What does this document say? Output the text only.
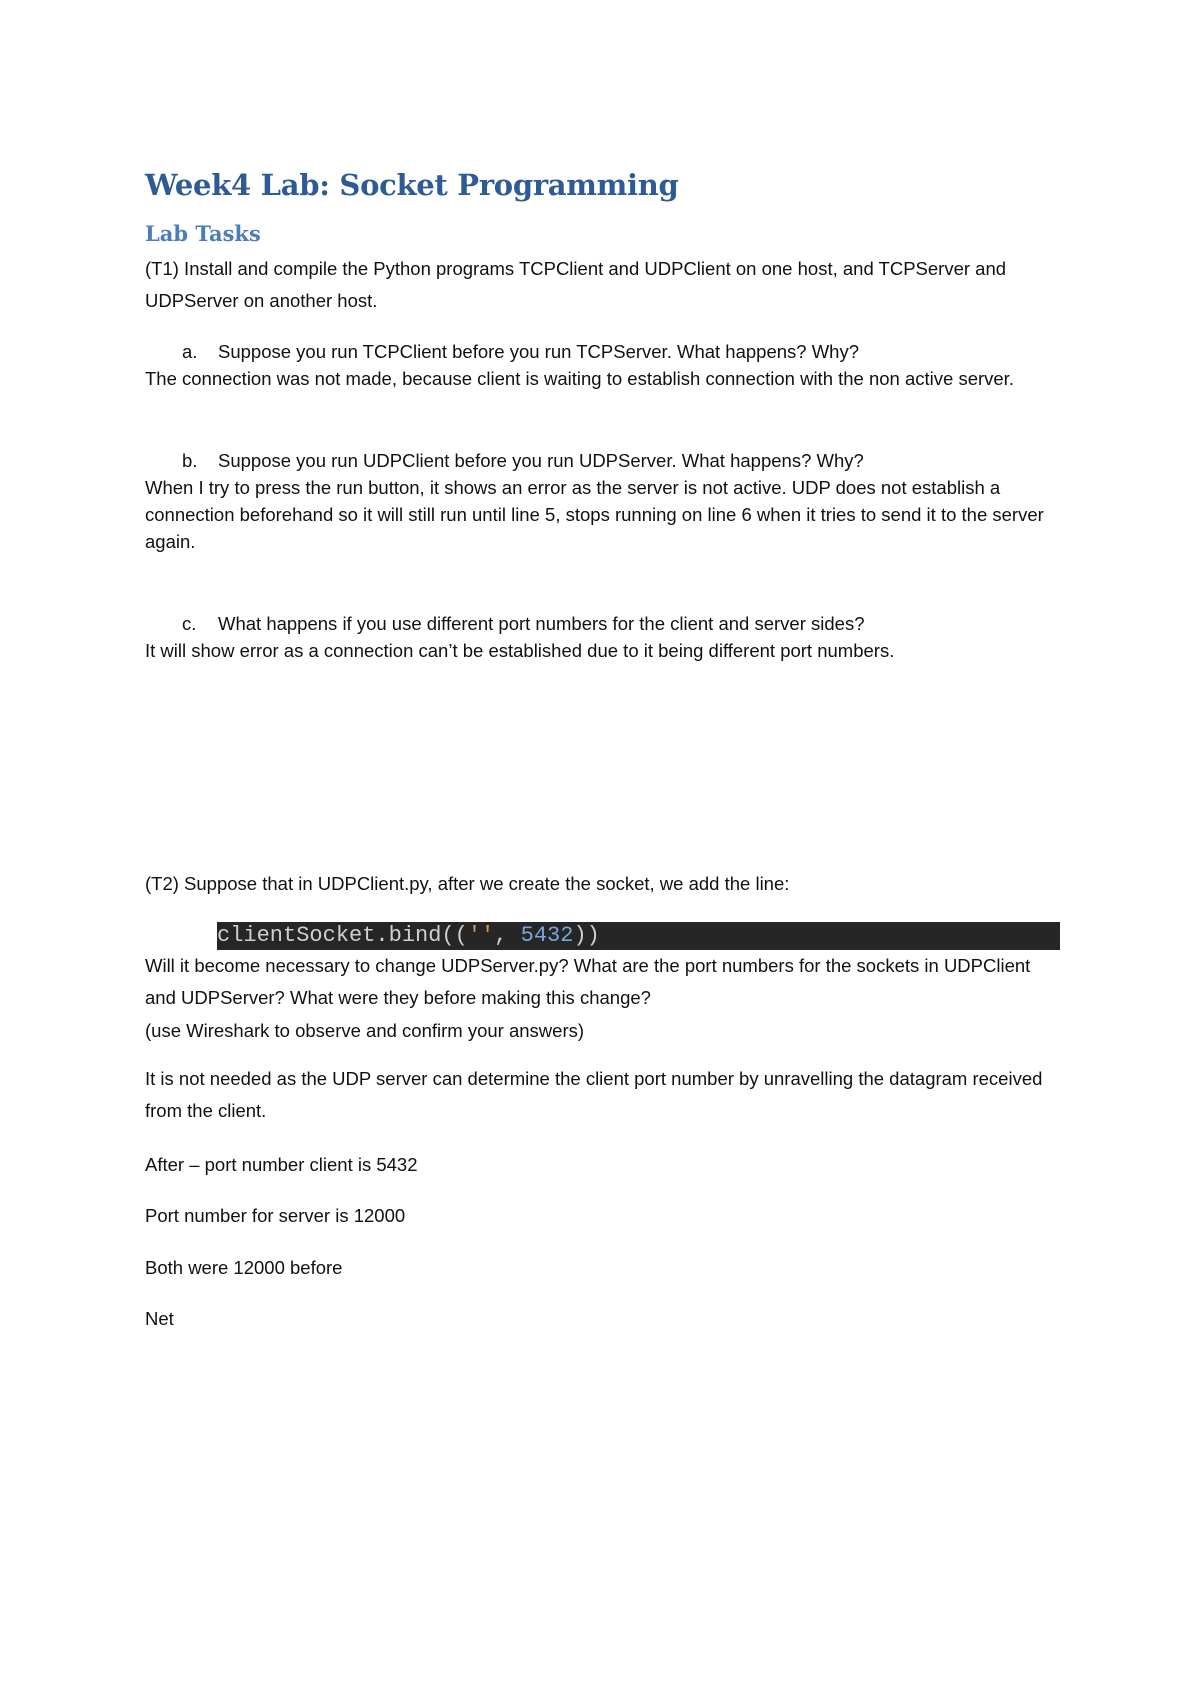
Week4 Lab: Socket Programming
Lab Tasks

(T1) Install and compile the Python programs TCPClient and UDPClient on one host, and TCPServer and UDPServer on another host.

a. Suppose you run TCPClient before you run TCPServer. What happens? Why?

The connection was not made, because client is waiting to establish connection with the non active server.

b. Suppose you run UDPClient before you run UDPServer. What happens? Why?

When I try to press the run button, it shows an error as the server is not active. UDP does not establish a connection beforehand so it will still run until line 5, stops running on line 6 when it tries to send it to the server again.

c. What happens if you use different port numbers for the client and server sides?

It will show error as a connection can’t be established due to it being different port numbers.

(T2) Suppose that in UDPClient.py, after we create the socket, we add the line:

clientSocket.bind(('', 5432))

Will it become necessary to change UDPServer.py? What are the port numbers for the sockets in UDPClient and UDPServer? What were they before making this change?

(use Wireshark to observe and confirm your answers)

It is not needed as the UDP server can determine the client port number by unravelling the datagram received from the client.

After – port number client is 5432

Port number for server is 12000

Both were 12000 before

Net
